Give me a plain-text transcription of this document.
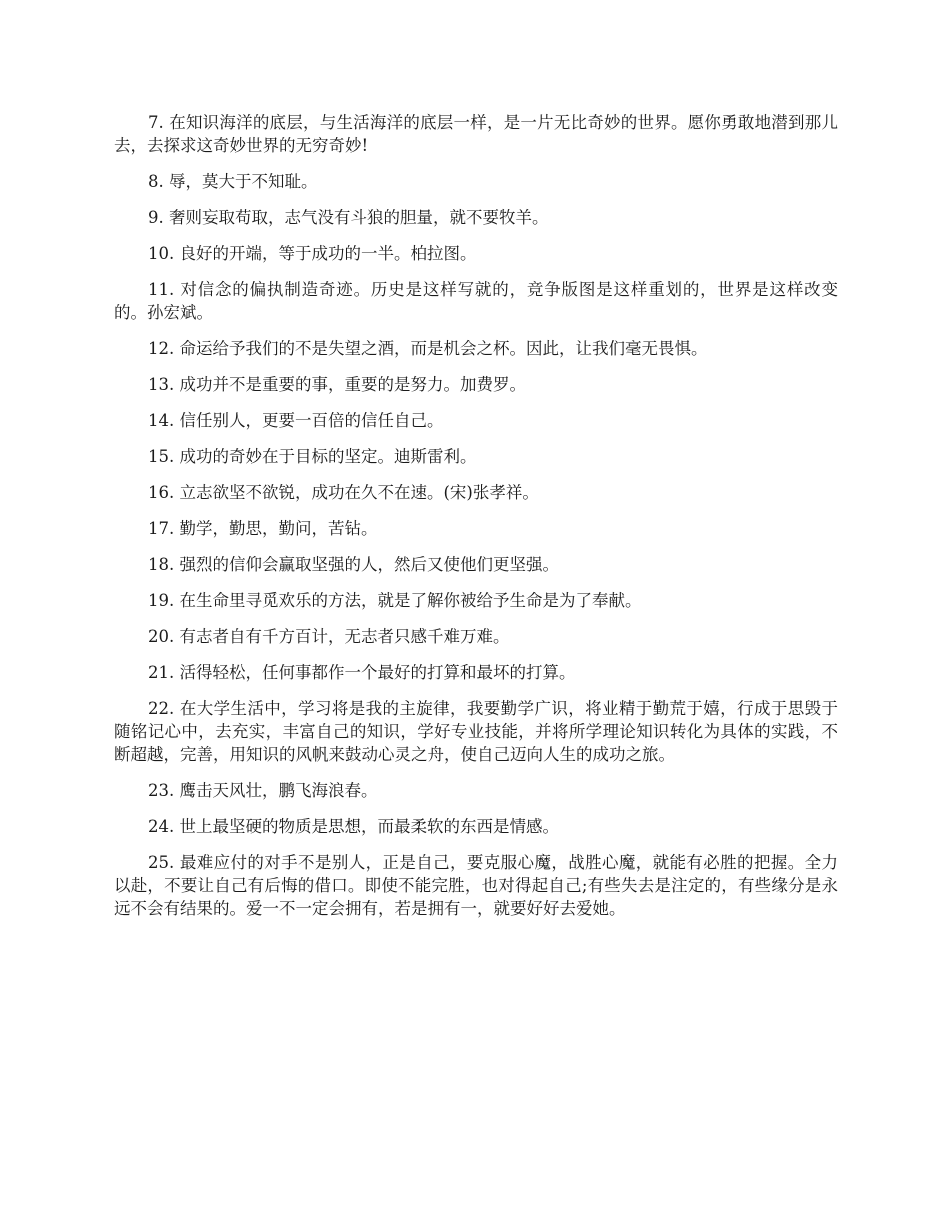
7. 在知识海洋的底层，与生活海洋的底层一样，是一片无比奇妙的世界。愿你勇敢地潜到那儿去，去探求这奇妙世界的无穷奇妙!

8. 辱，莫大于不知耻。

9. 奢则妄取苟取，志气没有斗狼的胆量，就不要牧羊。

10. 良好的开端，等于成功的一半。柏拉图。

11. 对信念的偏执制造奇迹。历史是这样写就的，竞争版图是这样重划的，世界是这样改变的。孙宏斌。

12. 命运给予我们的不是失望之酒，而是机会之杯。因此，让我们毫无畏惧。

13. 成功并不是重要的事，重要的是努力。加费罗。

14. 信任别人，更要一百倍的信任自己。

15. 成功的奇妙在于目标的坚定。迪斯雷利。

16. 立志欲坚不欲锐，成功在久不在速。(宋)张孝祥。

17. 勤学，勤思，勤问，苦钻。

18. 强烈的信仰会赢取坚强的人，然后又使他们更坚强。

19. 在生命里寻觅欢乐的方法，就是了解你被给予生命是为了奉献。

20. 有志者自有千方百计，无志者只感千难万难。

21. 活得轻松，任何事都作一个最好的打算和最坏的打算。

22. 在大学生活中，学习将是我的主旋律，我要勤学广识，将业精于勤荒于嬉，行成于思毁于随铭记心中，去充实，丰富自己的知识，学好专业技能，并将所学理论知识转化为具体的实践，不断超越，完善，用知识的风帆来鼓动心灵之舟，使自己迈向人生的成功之旅。

23. 鹰击天风壮，鹏飞海浪春。

24. 世上最坚硬的物质是思想，而最柔软的东西是情感。

25. 最难应付的对手不是别人，正是自己，要克服心魔，战胜心魔，就能有必胜的把握。全力以赴，不要让自己有后悔的借口。即使不能完胜，也对得起自己;有些失去是注定的，有些缘分是永远不会有结果的。爱一不一定会拥有，若是拥有一，就要好好去爱她。
